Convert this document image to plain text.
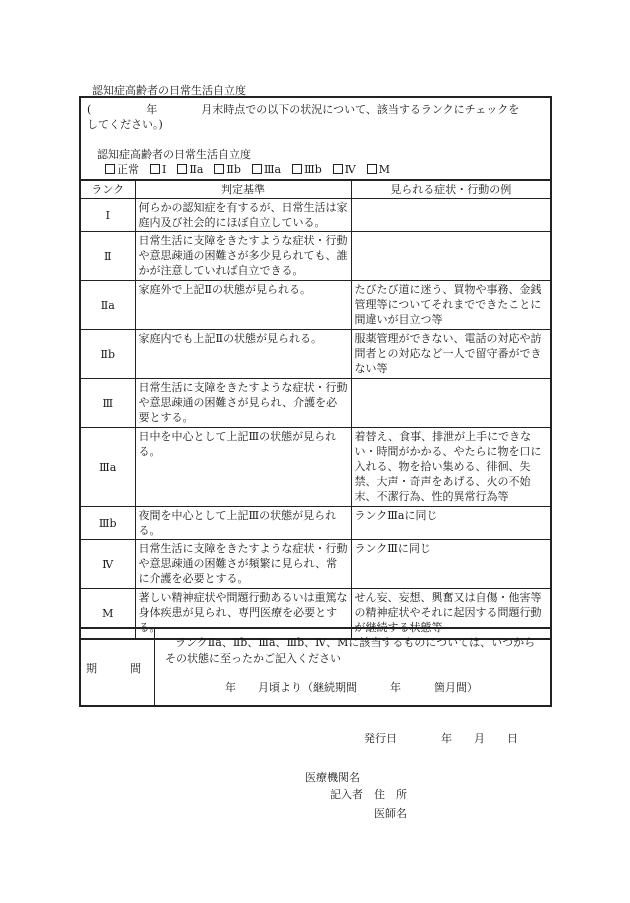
認知症高齢者の日常生活自立度
(　　　　　年　　　　月末時点での以下の状況について、該当するランクにチェックを
してください。)
認知症高齢者の日常生活自立度
正常 Ⅰ Ⅱa Ⅱb Ⅲa Ⅲb Ⅳ M
ランク	判定基準	見られる症状・行動の例
Ⅰ	何らかの認知症を有するが、日常生活は家庭内及び社会的にほぼ自立している。	
Ⅱ	日常生活に支障をきたすような症状・行動や意思疎通の困難さが多少見られても、誰かが注意していれば自立できる。	
Ⅱa	家庭外で上記Ⅱの状態が見られる。	たびたび道に迷う、買物や事務、金銭管理等についてそれまでできたことに間違いが目立つ等
Ⅱb	家庭内でも上記Ⅱの状態が見られる。	服薬管理ができない、電話の対応や訪問者との対応など一人で留守番ができない等
Ⅲ	日常生活に支障をきたすような症状・行動や意思疎通の困難さが見られ、介護を必要とする。	
Ⅲa	日中を中心として上記Ⅲの状態が見られる。	着替え、食事、排泄が上手にできない・時間がかかる、やたらに物を口に入れる、物を拾い集める、徘徊、失禁、大声・奇声をあげる、火の不始末、不潔行為、性的異常行為等
Ⅲb	夜間を中心として上記Ⅲの状態が見られる。	ランクⅢaに同じ
Ⅳ	日常生活に支障をきたすような症状・行動や意思疎通の困難さが頻繁に見られ、常に介護を必要とする。	ランクⅢに同じ
M	著しい精神症状や問題行動あるいは重篤な身体疾患が見られ、専門医療を必要とする。	せん妄、妄想、興奮又は自傷・他害等の精神症状やそれに起因する問題行動が継続する状態等
期　　　間
ランクⅡa、Ⅱb、Ⅲa、Ⅲb、Ⅳ、Mに該当するものについては、いつから
その状態に至ったかご記入ください
年　　月頃より（継続期間　　　年　　　箇月間）
発行日　　　　年　　月　　日
医療機関名
記入者　住　所
医師名
